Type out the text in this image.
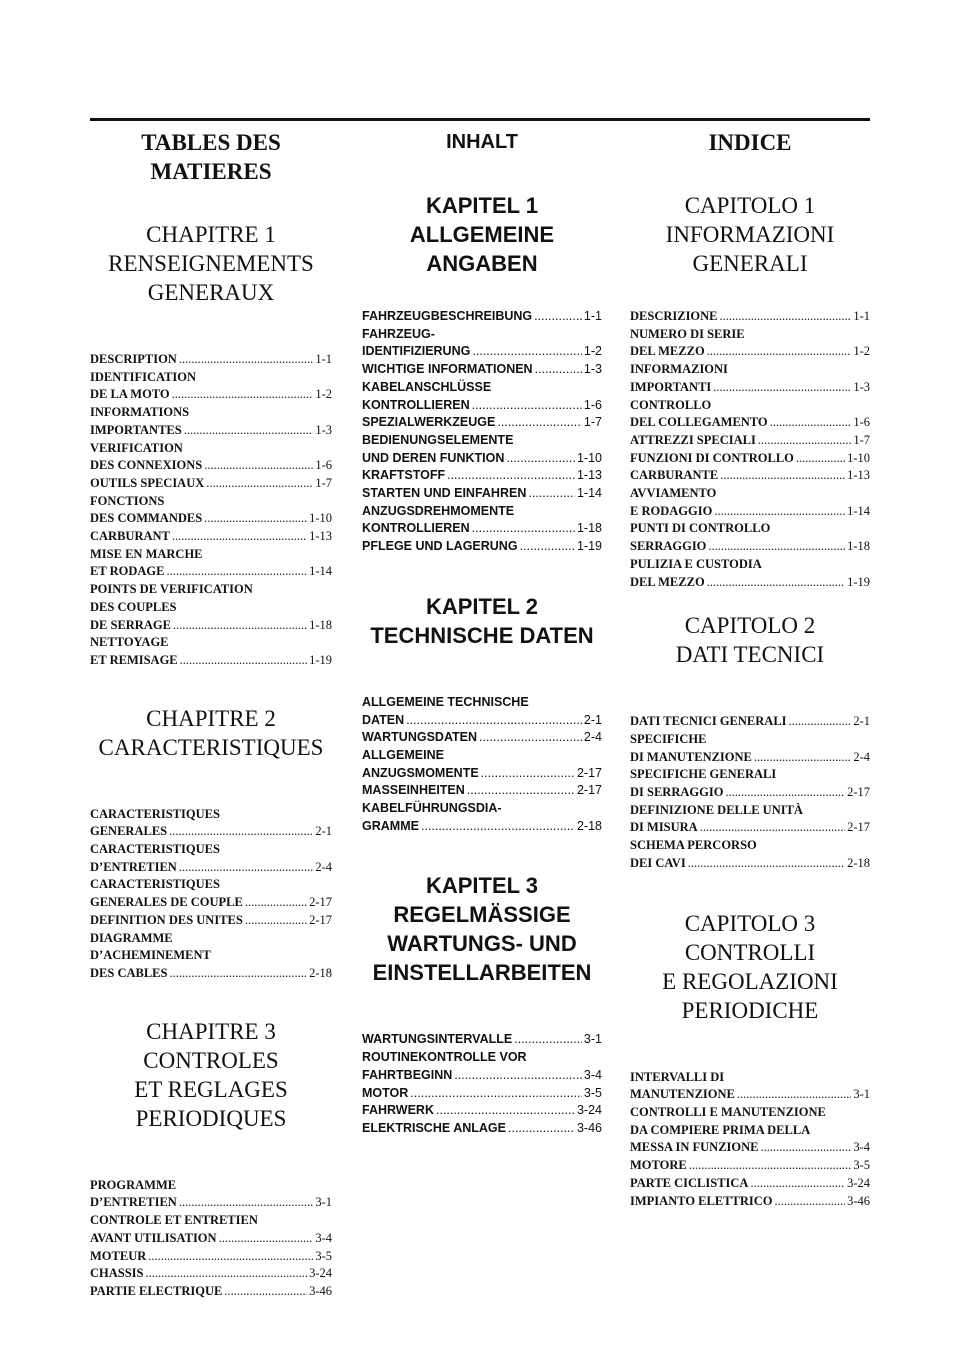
TABLES DES
MATIERES
CHAPITRE 1
RENSEIGNEMENTS
GENERAUX
DESCRIPTION .....	1-1
IDENTIFICATION
DE LA MOTO .....	1-2
INFORMATIONS
IMPORTANTES .....	1-3
VERIFICATION
DES CONNEXIONS .....	1-6
OUTILS SPECIAUX .....	1-7
FONCTIONS
DES COMMANDES .....	1-10
CARBURANT .....	1-13
MISE EN MARCHE
ET RODAGE .....	1-14
POINTS DE VERIFICATION
DES COUPLES
DE SERRAGE .....	1-18
NETTOYAGE
ET REMISAGE .....	1-19
CHAPITRE 2
CARACTERISTIQUES
CARACTERISTIQUES
GENERALES .....	2-1
CARACTERISTIQUES
D’ENTRETIEN .....	2-4
CARACTERISTIQUES
GENERALES DE COUPLE .....	2-17
DEFINITION DES UNITES .....	2-17
DIAGRAMME
D’ACHEMINEMENT
DES CABLES .....	2-18
CHAPITRE 3
CONTROLES
ET REGLAGES
PERIODIQUES
PROGRAMME
D’ENTRETIEN .....	3-1
CONTROLE ET ENTRETIEN
AVANT UTILISATION .....	3-4
MOTEUR .....	3-5
CHASSIS .....	3-24
PARTIE ELECTRIQUE .....	3-46
INHALT
KAPITEL 1
ALLGEMEINE
ANGABEN
FAHRZEUGBESCHREIBUNG .....	1-1
FAHRZEUG-
IDENTIFIZIERUNG .....	1-2
WICHTIGE INFORMATIONEN .....	1-3
KABELANSCHLÜSSE
KONTROLLIEREN .....	1-6
SPEZIALWERKZEUGE .....	1-7
BEDIENUNGSELEMENTE
UND DEREN FUNKTION .....	1-10
KRAFTSTOFF .....	1-13
STARTEN UND EINFAHREN .....	1-14
ANZUGSDREHMOMENTE
KONTROLLIEREN .....	1-18
PFLEGE UND LAGERUNG .....	1-19
KAPITEL 2
TECHNISCHE DATEN
ALLGEMEINE TECHNISCHE
DATEN .....	2-1
WARTUNGSDATEN .....	2-4
ALLGEMEINE
ANZUGSMOMENTE .....	2-17
MASSEINHEITEN .....	2-17
KABELFÜHRUNGSDIA-
GRAMME .....	2-18
KAPITEL 3
REGELMÄSSIGE
WARTUNGS- UND
EINSTELLARBEITEN
WARTUNGSINTERVALLE .....	3-1
ROUTINEKONTROLLE VOR
FAHRTBEGINN .....	3-4
MOTOR .....	3-5
FAHRWERK .....	3-24
ELEKTRISCHE ANLAGE .....	3-46
INDICE
CAPITOLO 1
INFORMAZIONI
GENERALI
DESCRIZIONE .....	1-1
NUMERO DI SERIE
DEL MEZZO .....	1-2
INFORMAZIONI
IMPORTANTI .....	1-3
CONTROLLO
DEL COLLEGAMENTO .....	1-6
ATTREZZI SPECIALI .....	1-7
FUNZIONI DI CONTROLLO .....	1-10
CARBURANTE .....	1-13
AVVIAMENTO
E RODAGGIO .....	1-14
PUNTI DI CONTROLLO
SERRAGGIO .....	1-18
PULIZIA E CUSTODIA
DEL MEZZO .....	1-19
CAPITOLO 2
DATI TECNICI
DATI TECNICI GENERALI .....	2-1
SPECIFICHE
DI MANUTENZIONE .....	2-4
SPECIFICHE GENERALI
DI SERRAGGIO .....	2-17
DEFINIZIONE DELLE UNITÀ
DI MISURA .....	2-17
SCHEMA PERCORSO
DEI CAVI .....	2-18
CAPITOLO 3
CONTROLLI
E REGOLAZIONI
PERIODICHE
INTERVALLI DI
MANUTENZIONE .....	3-1
CONTROLLI E MANUTENZIONE
DA COMPIERE PRIMA DELLA
MESSA IN FUNZIONE .....	3-4
MOTORE .....	3-5
PARTE CICLISTICA .....	3-24
IMPIANTO ELETTRICO .....	3-46
